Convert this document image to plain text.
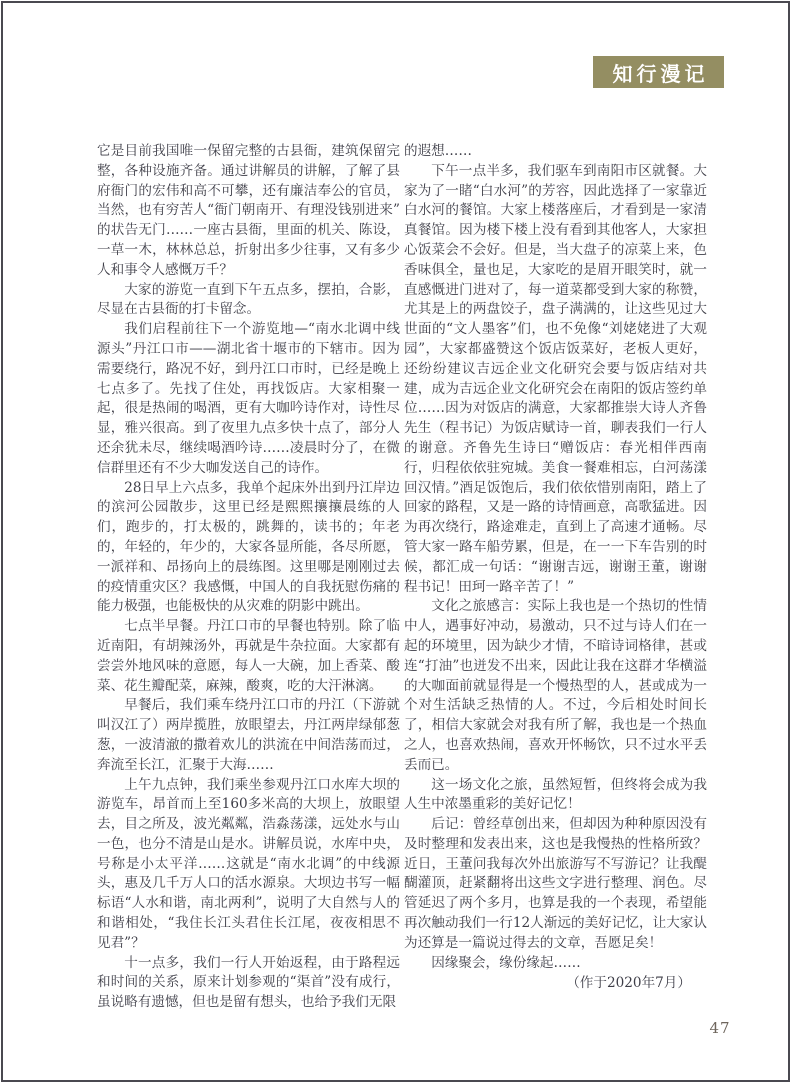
知行漫记

它是目前我国唯一保留完整的古县衙，建筑保留完整，各种设施齐备。通过讲解员的讲解，了解了县府衙门的宏伟和高不可攀，还有廉洁奉公的官员，当然，也有穷苦人“衙门朝南开、有理没钱别进来”的状告无门……一座古县衙，里面的机关、陈设，一草一木，林林总总，折射出多少往事，又有多少人和事令人感慨万千？

大家的游览一直到下午五点多，摆拍，合影，尽显在古县衙的打卡留念。

我们启程前往下一个游览地—“南水北调中线源头”丹江口市——湖北省十堰市的下辖市。因为需要绕行，路况不好，到丹江口市时，已经是晚上七点多了。先找了住处，再找饭店。大家相聚一起，很是热闹的喝酒，更有大咖吟诗作对，诗性尽显，雅兴很高。到了夜里九点多快十点了，部分人还余犹未尽，继续喝酒吟诗……凌晨时分了，在微信群里还有不少大咖发送自己的诗作。

28日早上六点多，我单个起床外出到丹江岸边的滨河公园散步，这里已经是熙熙攘攘晨练的人们，跑步的，打太极的，跳舞的，读书的；年老的，年轻的，年少的，大家各显所能，各尽所愿，一派祥和、昂扬向上的晨练图。这里哪是刚刚过去的疫情重灾区？我感慨，中国人的自我抚慰伤痛的能力极强，也能极快的从灾难的阴影中跳出。

七点半早餐。丹江口市的早餐也特别。除了临近南阳，有胡辣汤外，再就是牛杂拉面。大家都有尝尝外地风味的意愿，每人一大碗，加上香菜、酸菜、花生瓣配菜，麻辣，酸爽，吃的大汗淋漓。

早餐后，我们乘车绕丹江口市的丹江（下游就叫汉江了）两岸揽胜，放眼望去，丹江两岸绿郁葱葱，一波清澈的撒着欢儿的洪流在中间浩荡而过，奔流至长江，汇聚于大海……

上午九点钟，我们乘坐参观丹江口水库大坝的游览车，昂首而上至160多米高的大坝上，放眼望去，目之所及，波光粼粼，浩淼荡漾，远处水与山一色，也分不清是山是水。讲解员说，水库中央，号称是小太平洋……这就是“南水北调”的中线源头，惠及几千万人口的活水源泉。大坝边书写一幅标语“人水和谐，南北两利”，说明了大自然与人的和谐相处，“我住长江头君住长江尾，夜夜相思不见君”？

十一点多，我们一行人开始返程，由于路程远和时间的关系，原来计划参观的“渠首”没有成行，虽说略有遗憾，但也是留有想头，也给予我们无限

的遐想……

下午一点半多，我们驱车到南阳市区就餐。大家为了一睹“白水河”的芳容，因此选择了一家靠近白水河的餐馆。大家上楼落座后，才看到是一家清真餐馆。因为楼下楼上没有看到其他客人，大家担心饭菜会不会好。但是，当大盘子的凉菜上来，色香味俱全，量也足，大家吃的是眉开眼笑时，就一直感慨进门进对了，每一道菜都受到大家的称赞，尤其是上的两盘饺子，盘子满满的，让这些见过大世面的“文人墨客”们，也不免像“刘姥姥进了大观园”，大家都盛赞这个饭店饭菜好，老板人更好，还纷纷建议吉远企业文化研究会要与饭店结对共建，成为吉远企业文化研究会在南阳的饭店签约单位……因为对饭店的满意，大家都推崇大诗人齐鲁先生（程书记）为饭店赋诗一首，聊表我们一行人的谢意。齐鲁先生诗曰“赠饭店：春光相伴西南行，归程依依驻宛城。美食一餐难相忘，白河荡漾回汉情。”酒足饭饱后，我们依依惜别南阳，踏上了回家的路程，又是一路的诗情画意，高歌猛进。因为再次绕行，路途难走，直到上了高速才通畅。尽管大家一路车船劳累，但是，在一一下车告别的时候，都汇成一句话：“谢谢吉远，谢谢王董，谢谢程书记！田珂一路辛苦了！”

文化之旅感言：实际上我也是一个热切的性情中人，遇事好冲动，易激动，只不过与诗人们在一起的环境里，因为缺少才情，不暗诗词格律，甚或连“打油”也迸发不出来，因此让我在这群才华横溢的大咖面前就显得是一个慢热型的人，甚或成为一个对生活缺乏热情的人。不过，今后相处时间长了，相信大家就会对我有所了解，我也是一个热血之人，也喜欢热闹，喜欢开怀畅饮，只不过水平丢丢而已。

这一场文化之旅，虽然短暂，但终将会成为我人生中浓墨重彩的美好记忆！

后记：曾经草创出来，但却因为种种原因没有及时整理和发表出来，这也是我慢热的性格所致？近日，王董问我每次外出旅游写不写游记？让我醍醐灌顶，赶紧翻将出这些文字进行整理、润色。尽管延迟了两个多月，也算是我的一个表现，希望能再次触动我们一行12人渐远的美好记忆，让大家认为还算是一篇说过得去的文章，吾愿足矣！

因缘聚会，缘份缘起……

（作于2020年7月）

47
